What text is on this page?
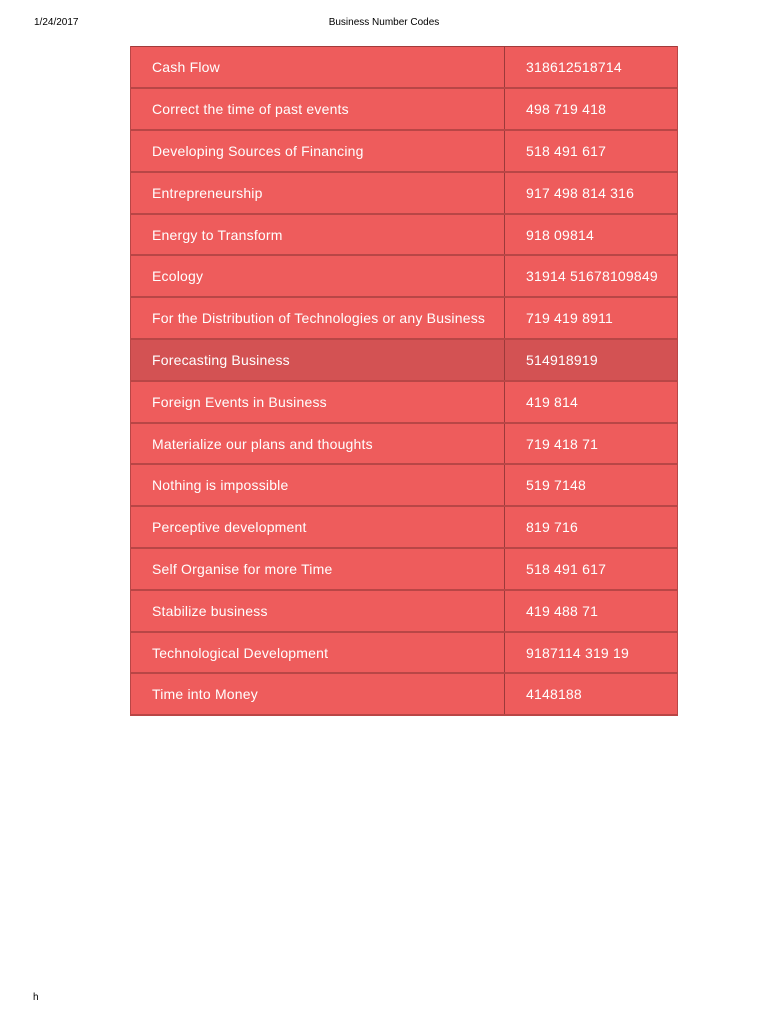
1/24/2017	Business Number Codes
Cash Flow	318612518714
Correct the time of past events	498 719 418
Developing Sources of Financing	518 491 617
Entrepreneurship	917 498 814 316
Energy to Transform	918 09814
Ecology	31914 51678109849
For the Distribution of Technologies or any Business	719 419 8911
Forecasting Business	514918919
Foreign Events in Business	419 814
Materialize our plans and thoughts	719 418 71
Nothing is impossible	519 7148
Perceptive development	819 716
Self Organise for more Time	518 491 617
Stabilize business	419 488 71
Technological Development	9187114 319 19
Time into Money	4148188
h
